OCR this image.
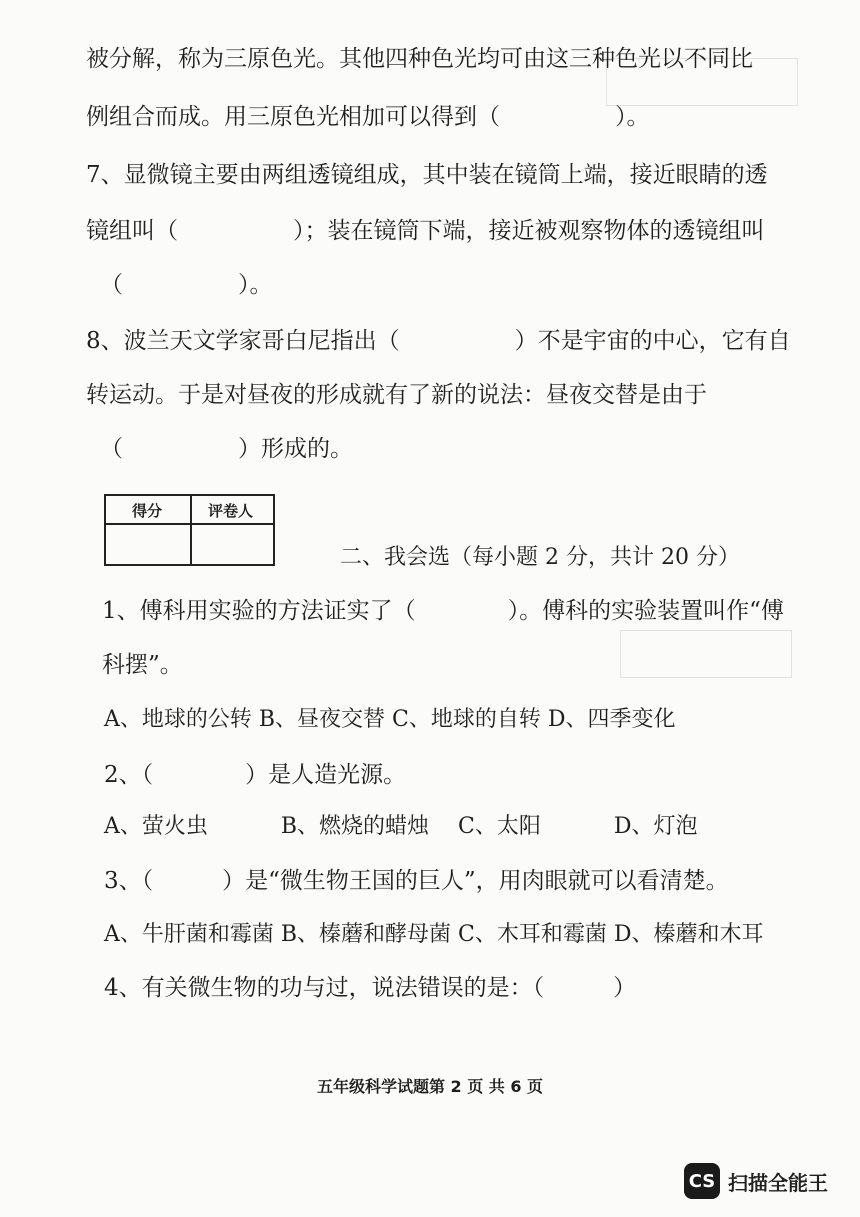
被分解，称为三原色光。其他四种色光均可由这三种色光以不同比
例组合而成。用三原色光相加可以得到（　　　　　）。
7、显微镜主要由两组透镜组成，其中装在镜筒上端，接近眼睛的透
镜组叫（　　　　　）；装在镜筒下端，接近被观察物体的透镜组叫
（　　　　　）。
8、波兰天文学家哥白尼指出（　　　　　）不是宇宙的中心，它有自
转运动。于是对昼夜的形成就有了新的说法：昼夜交替是由于
（　　　　　）形成的。
得分	评卷人
二、我会选（每小题 2 分，共计 20 分）
1、傅科用实验的方法证实了（　　　　）。傅科的实验装置叫作“傅
科摆”。
A、地球的公转 B、昼夜交替 C、地球的自转 D、四季变化
2、（　　　　）是人造光源。
A、萤火虫　　　 B、燃烧的蜡烛　 C、太阳　　　 D、灯泡
3、（　　　）是“微生物王国的巨人”，用肉眼就可以看清楚。
A、牛肝菌和霉菌 B、榛蘑和酵母菌 C、木耳和霉菌 D、榛蘑和木耳
4、有关微生物的功与过，说法错误的是：（　　　）
五年级科学试题第 2 页 共 6 页
CS 扫描全能王
